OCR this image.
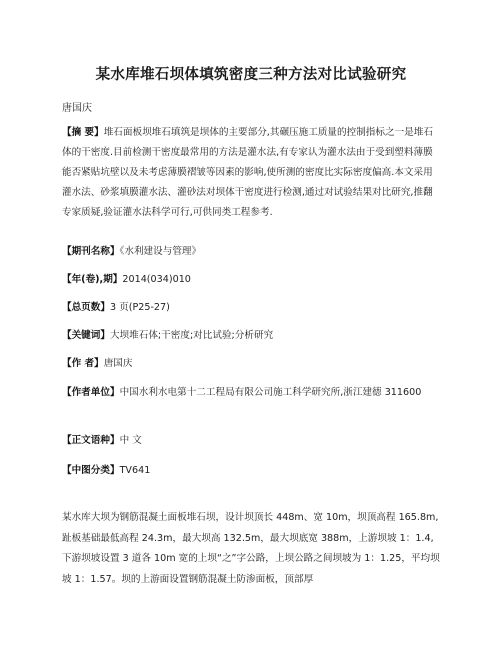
某水库堆石坝体填筑密度三种方法对比试验研究
唐国庆

【摘 要】堆石面板坝堆石填筑是坝体的主要部分,其碾压施工质量的控制指标之一是堆石体的干密度.目前检测干密度最常用的方法是灌水法,有专家认为灌水法由于受到塑料薄膜能否紧贴坑壁以及未考虑薄膜褶皱等因素的影响,使所测的密度比实际密度偏高.本文采用灌水法、砂浆填膜灌水法、灌砂法对坝体干密度进行检测,通过对试验结果对比研究,推翻专家质疑,验证灌水法科学可行,可供同类工程参考.

【期刊名称】《水利建设与管理》

【年(卷),期】2014(034)010

【总页数】3 页(P25-27)

【关键词】大坝堆石体;干密度;对比试验;分析研究

【作 者】唐国庆

【作者单位】中国水利水电第十二工程局有限公司施工科学研究所,浙江建德 311600

【正文语种】中 文

【中图分类】TV641

某水库大坝为钢筋混凝土面板堆石坝，设计坝顶长 448m、宽 10m，坝顶高程 165.8m,趾板基础最低高程 24.3m，最大坝高 132.5m，最大坝底宽 388m，上游坝坡 1：1.4,下游坝坡设置 3 道各 10m 宽的上坝“之”字公路，上坝公路之间坝坡为 1：1.25，平均坝坡 1：1.57。坝的上游面设置钢筋混凝土防渗面板，顶部厚
